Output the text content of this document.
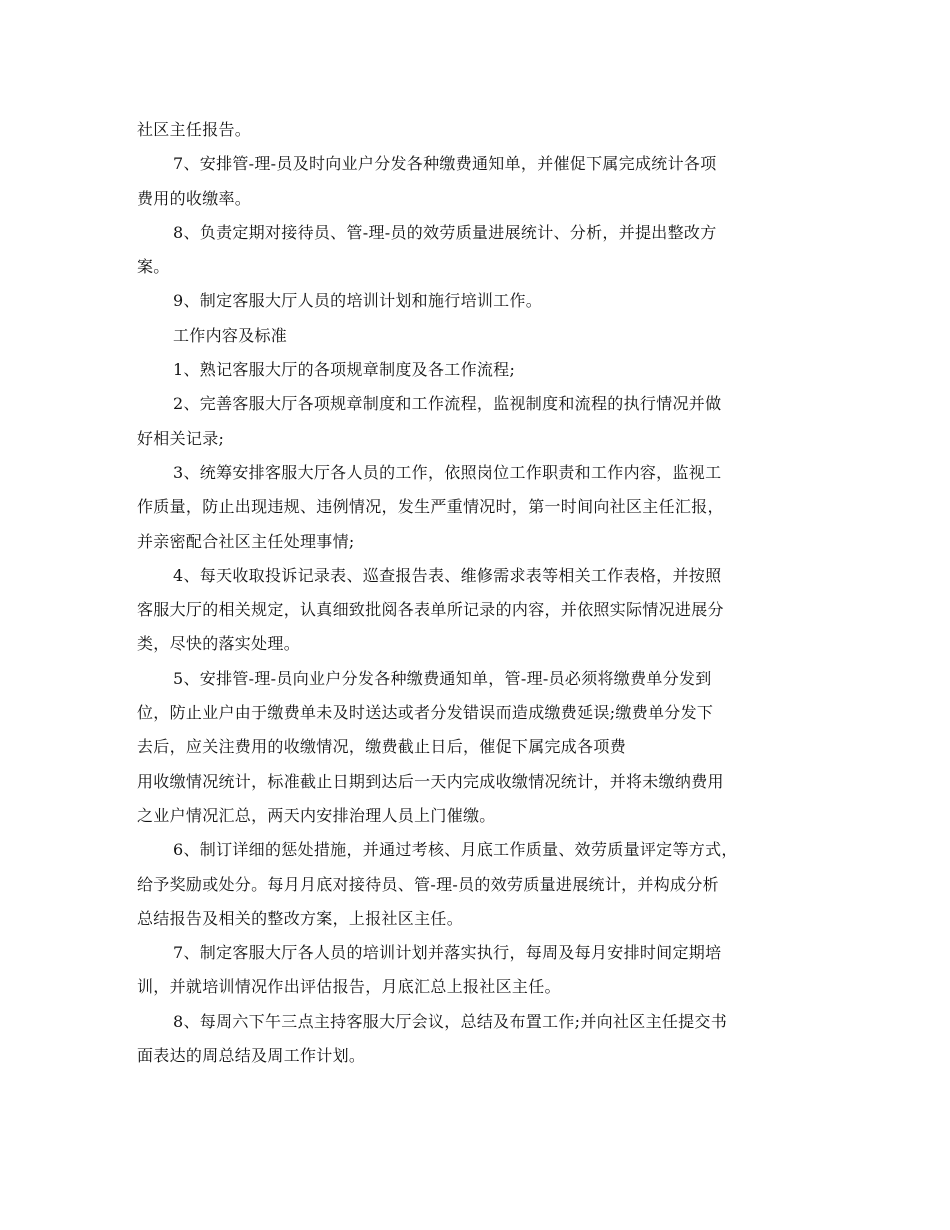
社区主任报告。
7、安排管-理-员及时向业户分发各种缴费通知单，并催促下属完成统计各项
费用的收缴率。
8、负责定期对接待员、管-理-员的效劳质量进展统计、分析，并提出整改方
案。
9、制定客服大厅人员的培训计划和施行培训工作。
工作内容及标准
1、熟记客服大厅的各项规章制度及各工作流程;
2、完善客服大厅各项规章制度和工作流程，监视制度和流程的执行情况并做
好相关记录;
3、统筹安排客服大厅各人员的工作，依照岗位工作职责和工作内容，监视工
作质量，防止出现违规、违例情况，发生严重情况时，第一时间向社区主任汇报，
并亲密配合社区主任处理事情;
4、每天收取投诉记录表、巡查报告表、维修需求表等相关工作表格，并按照
客服大厅的相关规定，认真细致批阅各表单所记录的内容，并依照实际情况进展分
类，尽快的落实处理。
5、安排管-理-员向业户分发各种缴费通知单，管-理-员必须将缴费单分发到
位，防止业户由于缴费单未及时送达或者分发错误而造成缴费延误;缴费单分发下
去后，应关注费用的收缴情况，缴费截止日后，催促下属完成各项费
用收缴情况统计，标准截止日期到达后一天内完成收缴情况统计，并将未缴纳费用
之业户情况汇总，两天内安排治理人员上门催缴。
6、制订详细的惩处措施，并通过考核、月底工作质量、效劳质量评定等方式，
给予奖励或处分。每月月底对接待员、管-理-员的效劳质量进展统计，并构成分析
总结报告及相关的整改方案，上报社区主任。
7、制定客服大厅各人员的培训计划并落实执行，每周及每月安排时间定期培
训，并就培训情况作出评估报告，月底汇总上报社区主任。
8、每周六下午三点主持客服大厅会议，总结及布置工作;并向社区主任提交书
面表达的周总结及周工作计划。
